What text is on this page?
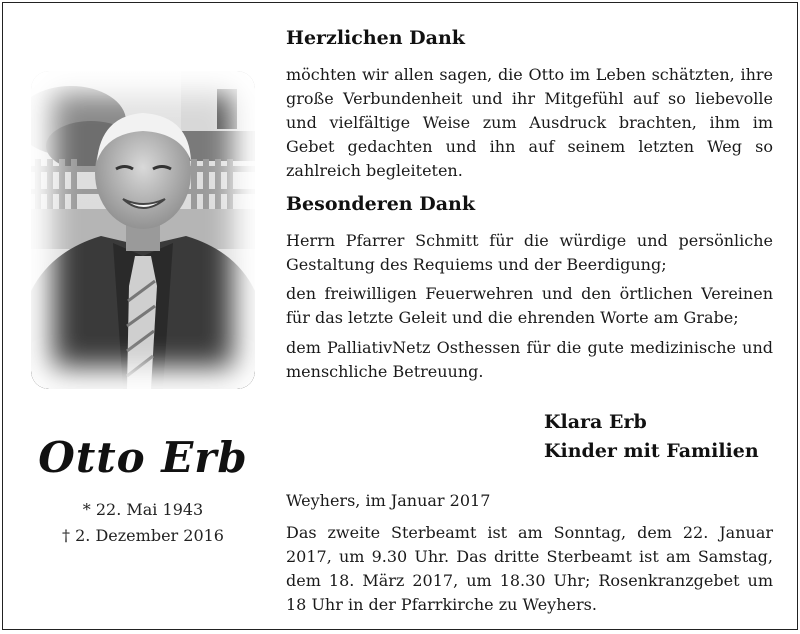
Otto Erb
* 22. Mai 1943
† 2. Dezember 2016
Herzlichen Dank

möchten wir allen sagen, die Otto im Leben schätzten, ihre große Verbundenheit und ihr Mitgefühl auf so liebevolle und vielfältige Weise zum Ausdruck brachten, ihm im Gebet gedachten und ihn auf seinem letzten Weg so zahlreich begleiteten.

Besonderen Dank

Herrn Pfarrer Schmitt für die würdige und persönliche Gestaltung des Requiems und der Beerdigung;

den freiwilligen Feuerwehren und den örtlichen Vereinen für das letzte Geleit und die ehrenden Worte am Grabe;

dem PalliativNetz Osthessen für die gute medizinische und menschliche Betreuung.

Klara Erb
Kinder mit Familien

Weyhers, im Januar 2017

Das zweite Sterbeamt ist am Sonntag, dem 22. Januar 2017, um 9.30 Uhr. Das dritte Sterbeamt ist am Samstag, dem 18. März 2017, um 18.30 Uhr; Rosenkranzgebet um 18 Uhr in der Pfarrkirche zu Weyhers.
